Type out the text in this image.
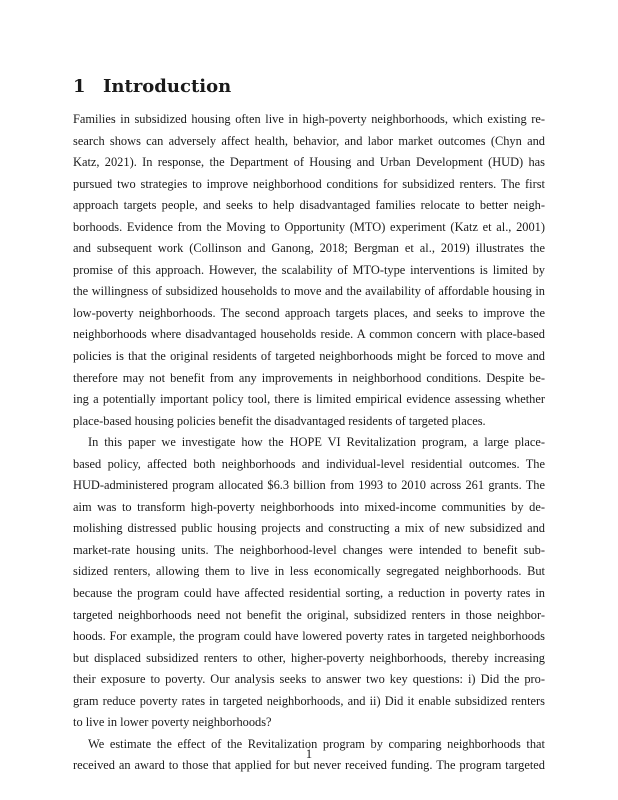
1 Introduction
Families in subsidized housing often live in high-poverty neighborhoods, which existing re-
search shows can adversely affect health, behavior, and labor market outcomes (Chyn and
Katz, 2021). In response, the Department of Housing and Urban Development (HUD) has
pursued two strategies to improve neighborhood conditions for subsidized renters. The first
approach targets people, and seeks to help disadvantaged families relocate to better neigh-
borhoods. Evidence from the Moving to Opportunity (MTO) experiment (Katz et al., 2001)
and subsequent work (Collinson and Ganong, 2018; Bergman et al., 2019) illustrates the
promise of this approach. However, the scalability of MTO-type interventions is limited by
the willingness of subsidized households to move and the availability of affordable housing in
low-poverty neighborhoods. The second approach targets places, and seeks to improve the
neighborhoods where disadvantaged households reside. A common concern with place-based
policies is that the original residents of targeted neighborhoods might be forced to move and
therefore may not benefit from any improvements in neighborhood conditions. Despite be-
ing a potentially important policy tool, there is limited empirical evidence assessing whether
place-based housing policies benefit the disadvantaged residents of targeted places.
In this paper we investigate how the HOPE VI Revitalization program, a large place-
based policy, affected both neighborhoods and individual-level residential outcomes. The
HUD-administered program allocated $6.3 billion from 1993 to 2010 across 261 grants. The
aim was to transform high-poverty neighborhoods into mixed-income communities by de-
molishing distressed public housing projects and constructing a mix of new subsidized and
market-rate housing units. The neighborhood-level changes were intended to benefit sub-
sidized renters, allowing them to live in less economically segregated neighborhoods. But
because the program could have affected residential sorting, a reduction in poverty rates in
targeted neighborhoods need not benefit the original, subsidized renters in those neighbor-
hoods. For example, the program could have lowered poverty rates in targeted neighborhoods
but displaced subsidized renters to other, higher-poverty neighborhoods, thereby increasing
their exposure to poverty. Our analysis seeks to answer two key questions: i) Did the pro-
gram reduce poverty rates in targeted neighborhoods, and ii) Did it enable subsidized renters
to live in lower poverty neighborhoods?
We estimate the effect of the Revitalization program by comparing neighborhoods that
received an award to those that applied for but never received funding. The program targeted
1
